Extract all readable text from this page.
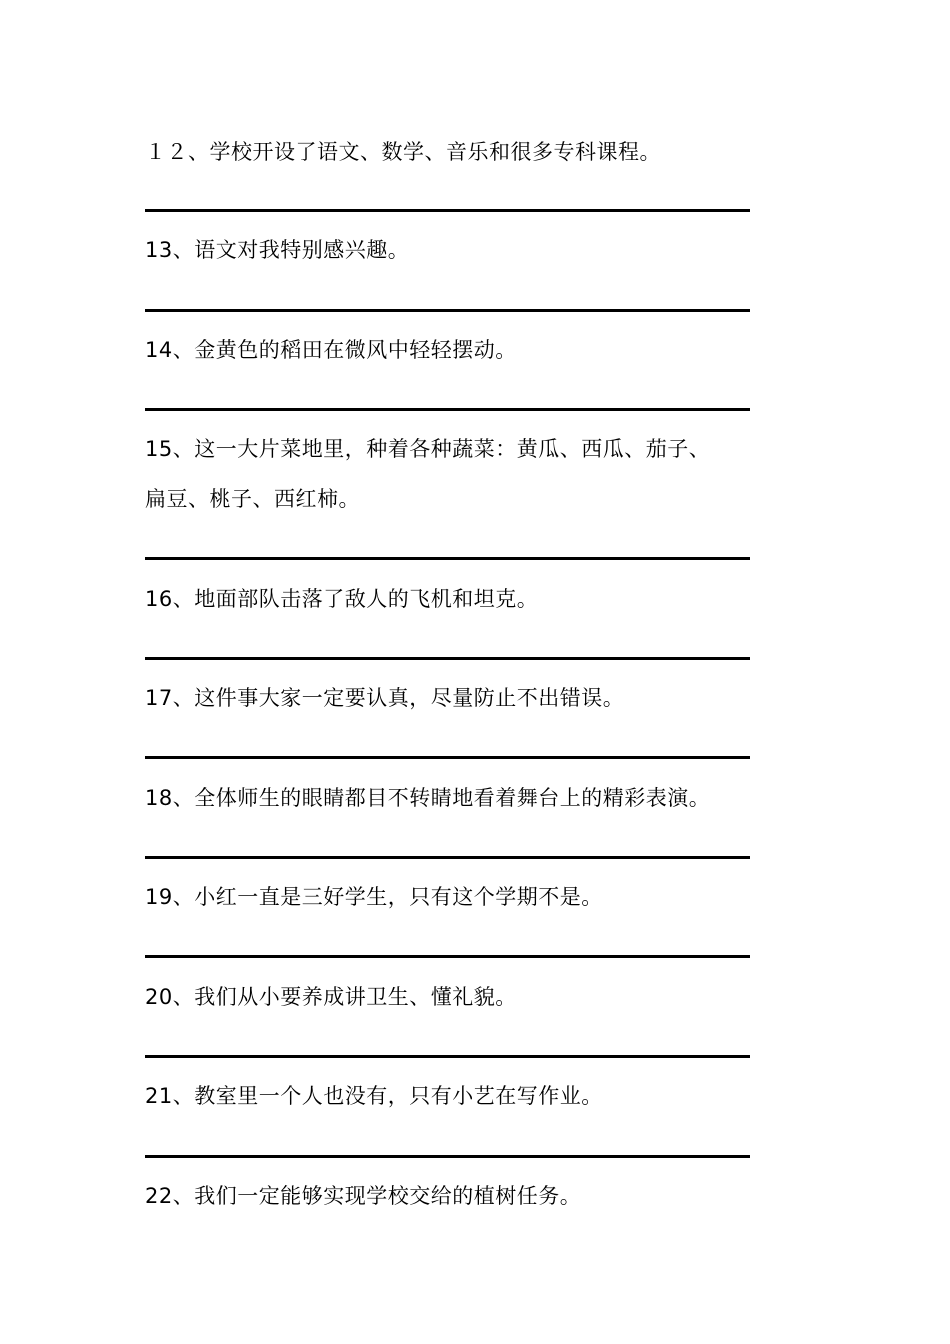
１２、学校开设了语文、数学、音乐和很多专科课程。
13、语文对我特别感兴趣。
14、金黄色的稻田在微风中轻轻摆动。
15、这一大片菜地里，种着各种蔬菜：黄瓜、西瓜、茄子、
扁豆、桃子、西红柿。
16、地面部队击落了敌人的飞机和坦克。
17、这件事大家一定要认真，尽量防止不出错误。
18、全体师生的眼睛都目不转睛地看着舞台上的精彩表演。
19、小红一直是三好学生，只有这个学期不是。
20、我们从小要养成讲卫生、懂礼貌。
21、教室里一个人也没有，只有小艺在写作业。
22、我们一定能够实现学校交给的植树任务。
